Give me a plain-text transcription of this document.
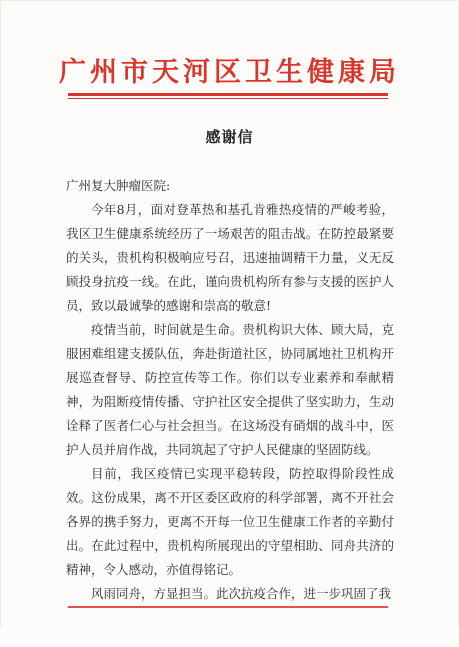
广州市天河区卫生健康局
感谢信
广州复大肿瘤医院:

今年8月，面对登革热和基孔肯雅热疫情的严峻考验，我区卫生健康系统经历了一场艰苦的阻击战。在防控最紧要的关头，贵机构积极响应号召，迅速抽调精干力量，义无反顾投身抗疫一线。在此，谨向贵机构所有参与支援的医护人员，致以最诚挚的感谢和崇高的敬意!

疫情当前，时间就是生命。贵机构识大体、顾大局，克服困难组建支援队伍，奔赴街道社区，协同属地社卫机构开展巡查督导、防控宣传等工作。你们以专业素养和奉献精神，为阻断疫情传播、守护社区安全提供了坚实助力，生动诠释了医者仁心与社会担当。在这场没有硝烟的战斗中，医护人员并肩作战，共同筑起了守护人民健康的坚固防线。

目前，我区疫情已实现平稳转段，防控取得阶段性成效。这份成果，离不开区委区政府的科学部署，离不开社会各界的携手努力，更离不开每一位卫生健康工作者的辛勤付出。在此过程中，贵机构所展现出的守望相助、同舟共济的精神，令人感动，亦值得铭记。

风雨同舟，方显担当。此次抗疫合作，进一步巩固了我
